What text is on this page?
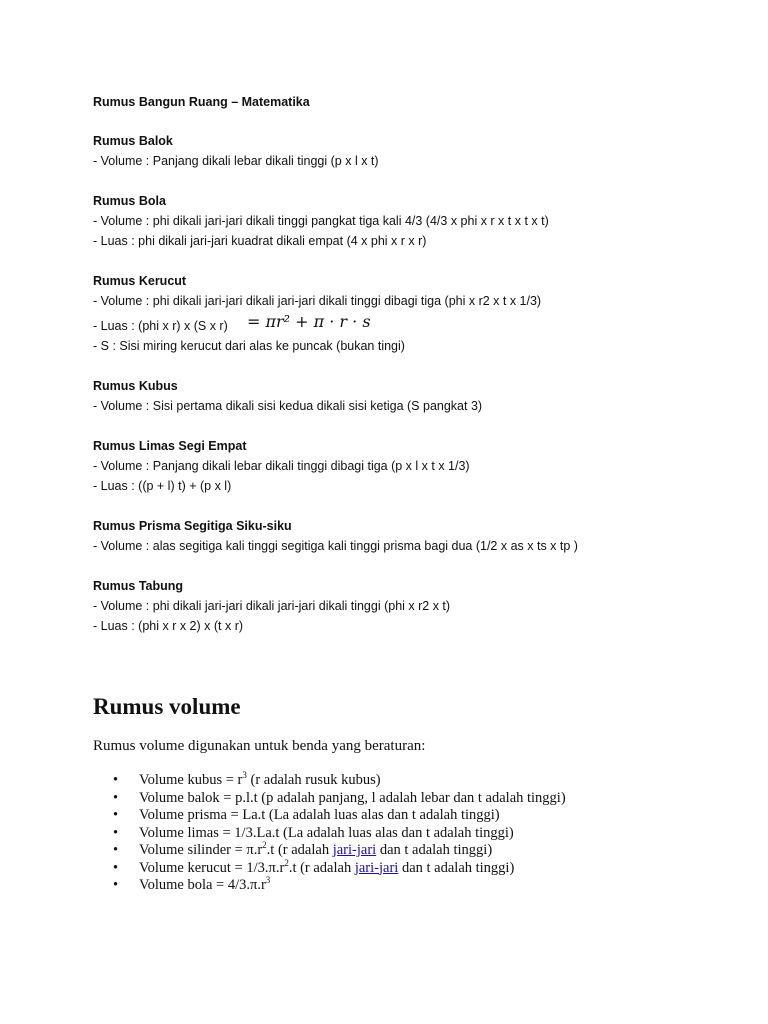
Rumus Bangun Ruang – Matematika
Rumus Balok
- Volume : Panjang dikali lebar dikali tinggi (p x l x t)
Rumus Bola
- Volume : phi dikali jari-jari dikali tinggi pangkat tiga kali 4/3 (4/3 x phi x r x t x t x t)
- Luas : phi dikali jari-jari kuadrat dikali empat (4 x phi x r x r)
Rumus Kerucut
- Volume : phi dikali jari-jari dikali jari-jari dikali tinggi dibagi tiga (phi x r2 x t x 1/3)
- Luas : (phi x r) x (S x r) = πr² + π · r · s
- S : Sisi miring kerucut dari alas ke puncak (bukan tingi)
Rumus Kubus
- Volume : Sisi pertama dikali sisi kedua dikali sisi ketiga (S pangkat 3)
Rumus Limas Segi Empat
- Volume : Panjang dikali lebar dikali tinggi dibagi tiga (p x l x t x 1/3)
- Luas : ((p + l) t) + (p x l)
Rumus Prisma Segitiga Siku-siku
- Volume : alas segitiga kali tinggi segitiga kali tinggi prisma bagi dua (1/2 x as x ts x tp )
Rumus Tabung
- Volume : phi dikali jari-jari dikali jari-jari dikali tinggi (phi x r2 x t)
- Luas : (phi x r x 2) x (t x r)
Rumus volume
Rumus volume digunakan untuk benda yang beraturan:
• Volume kubus = $r^3$ (r adalah rusuk kubus)
• Volume balok = p.l.t (p adalah panjang, l adalah lebar dan t adalah tinggi)
• Volume prisma = La.t (La adalah luas alas dan t adalah tinggi)
• Volume limas = 1/3.La.t (La adalah luas alas dan t adalah tinggi)
• Volume silinder = $\pi.r^2.t$ (r adalah jari-jari dan t adalah tinggi)
• Volume kerucut = $1/3.\pi.r^2.t$ (r adalah jari-jari dan t adalah tinggi)
• Volume bola = $4/3.\pi.r^3$
